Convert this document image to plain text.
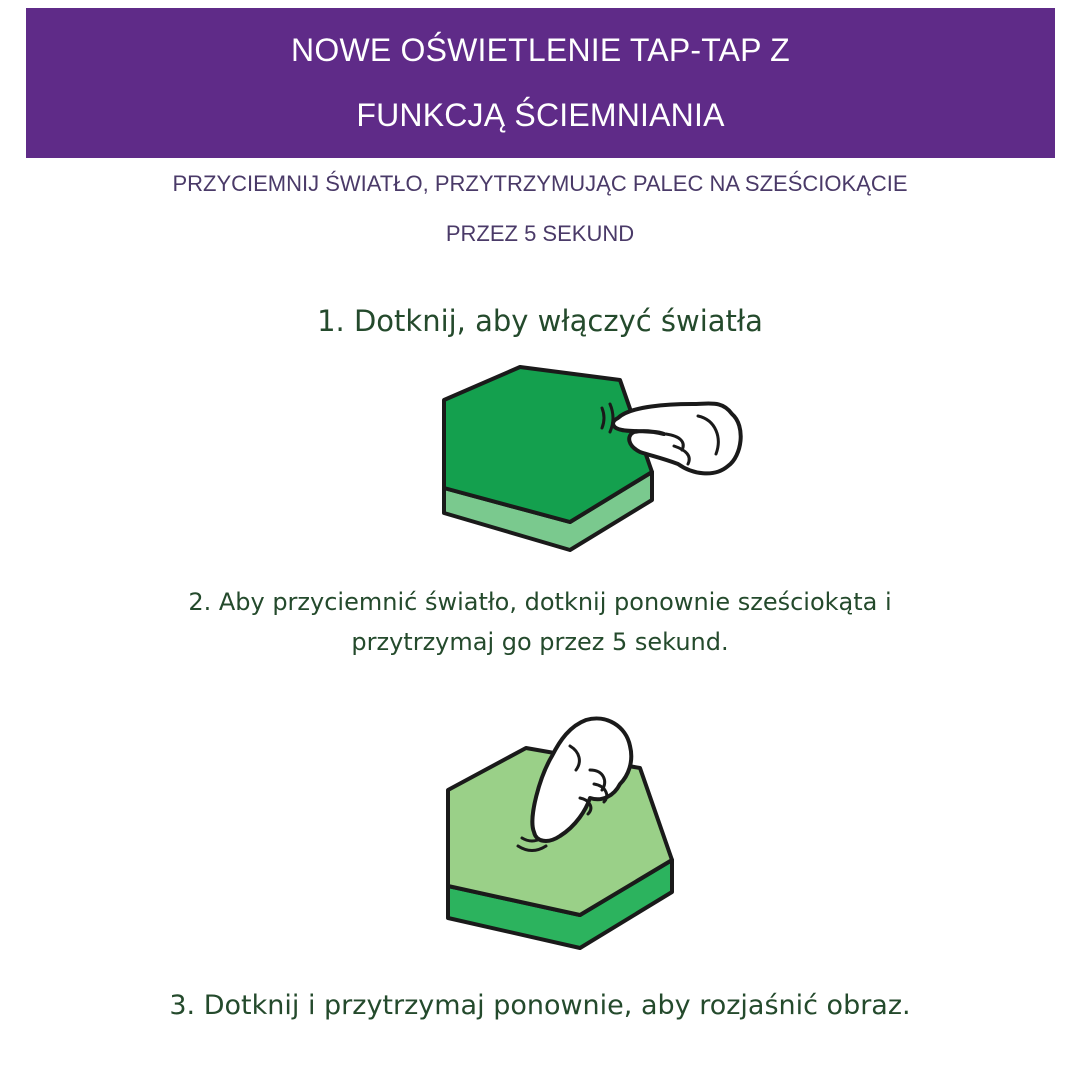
NOWE OŚWIETLENIE TAP-TAP Z
FUNKCJĄ ŚCIEMNIANIA
PRZYCIEMNIJ ŚWIATŁO, PRZYTRZYMUJĄC PALEC NA SZEŚCIOKĄCIE
PRZEZ 5 SEKUND
1. Dotknij, aby włączyć światła
2. Aby przyciemnić światło, dotknij ponownie sześciokąta i
przytrzymaj go przez 5 sekund.
3. Dotknij i przytrzymaj ponownie, aby rozjaśnić obraz.
